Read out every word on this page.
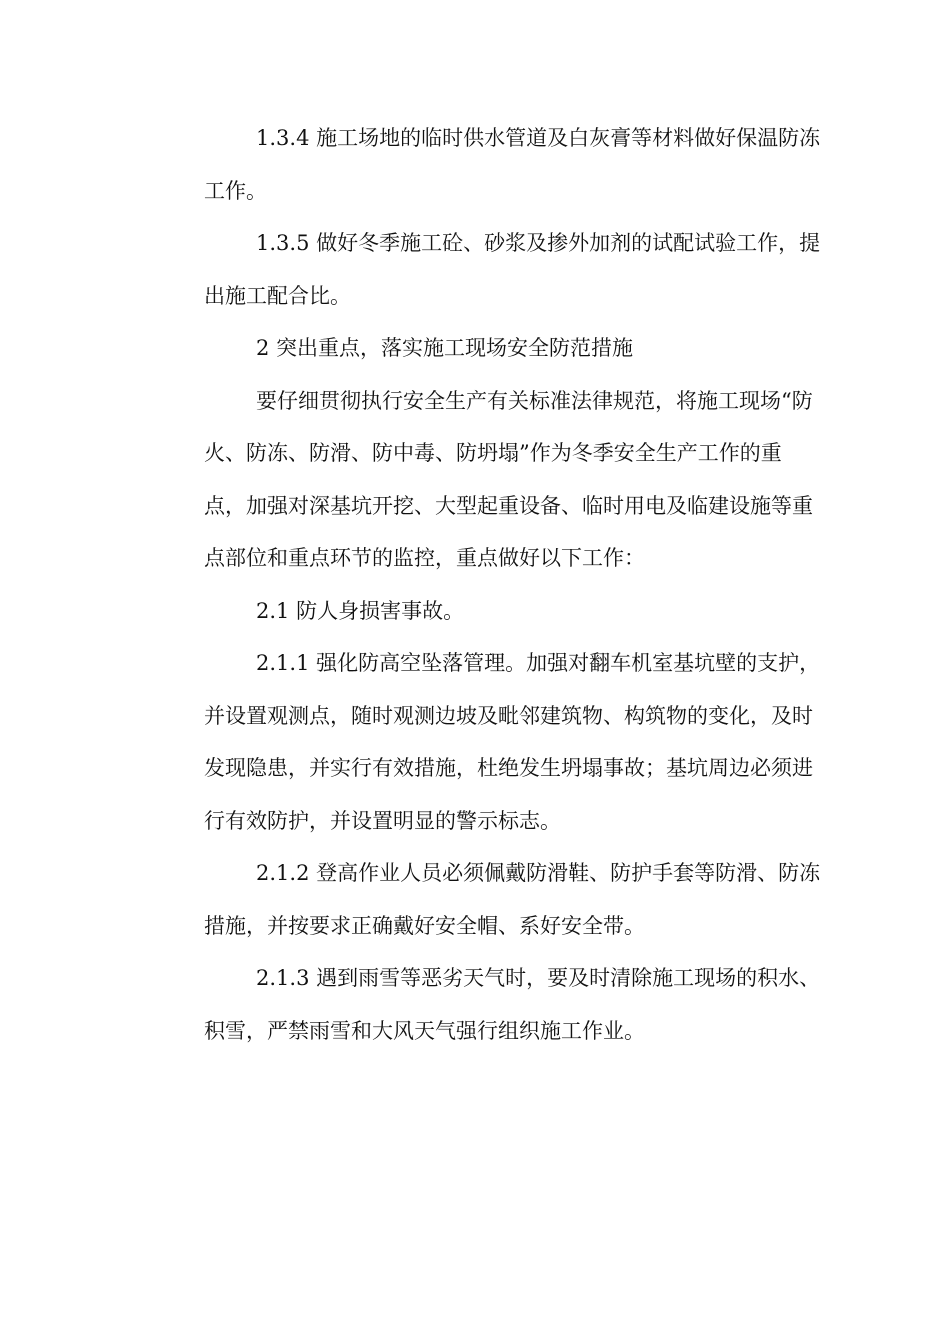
1.3.4 施工场地的临时供水管道及白灰膏等材料做好保温防冻
工作。
1.3.5 做好冬季施工砼、砂浆及掺外加剂的试配试验工作，提
出施工配合比。
2 突出重点，落实施工现场安全防范措施
要仔细贯彻执行安全生产有关标准法律规范，将施工现场“防
火、防冻、防滑、防中毒、防坍塌”作为冬季安全生产工作的重
点，加强对深基坑开挖、大型起重设备、临时用电及临建设施等重
点部位和重点环节的监控，重点做好以下工作：
2.1 防人身损害事故。
2.1.1 强化防高空坠落管理。加强对翻车机室基坑壁的支护，
并设置观测点，随时观测边坡及毗邻建筑物、构筑物的变化，及时
发现隐患，并实行有效措施，杜绝发生坍塌事故；基坑周边必须进
行有效防护，并设置明显的警示标志。
2.1.2 登高作业人员必须佩戴防滑鞋、防护手套等防滑、防冻
措施，并按要求正确戴好安全帽、系好安全带。
2.1.3 遇到雨雪等恶劣天气时，要及时清除施工现场的积水、
积雪，严禁雨雪和大风天气强行组织施工作业。
